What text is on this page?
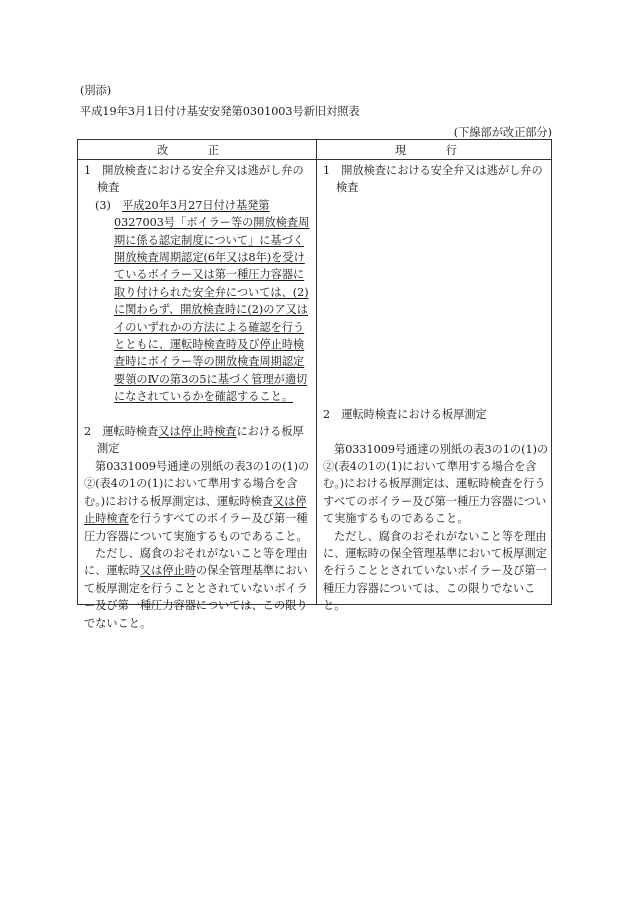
(別添)
平成19年3月1日付け基安安発第0301003号新旧対照表
(下線部が改正部分)
改 正	現 行

1　開放検査における安全弁又は逃がし弁の検査

(3)　 平成20年3月27日付け基発第0327003号「ボイラー等の開放検査周期に係る認定制度について」に基づく開放検査周期認定(6年又は8年)を受けているボイラー又は第一種圧力容器に取り付けられた安全弁については、(2)に関わらず、開放検査時に(2)のア又はイのいずれかの方法による確認を行うとともに、運転時検査時及び停止時検査時にボイラー等の開放検査周期認定要領のⅣの第3の5に基づく管理が適切になされているかを確認すること。

2　運転時検査又は停止時検査における板厚測定

第0331009号通達の別紙の表3の1の(1)の②(表4の1の(1)において準用する場合を含む。)における板厚測定は、運転時検査又は停止時検査を行うすべてのボイラー及び第一種圧力容器について実施するものであること。

ただし、腐食のおそれがないこと等を理由に、運転時又は停止時の保全管理基準において板厚測定を行うこととされていないボイラー及び第一種圧力容器については、この限りでないこと。

1　開放検査における安全弁又は逃がし弁の検査

2　運転時検査における板厚測定

第0331009号通達の別紙の表3の1の(1)の②(表4の1の(1)において準用する場合を含む。)における板厚測定は、運転時検査を行うすべてのボイラー及び第一種圧力容器について実施するものであること。

ただし、腐食のおそれがないこと等を理由に、運転時の保全管理基準において板厚測定を行うこととされていないボイラー及び第一種圧力容器については、この限りでないこと。
